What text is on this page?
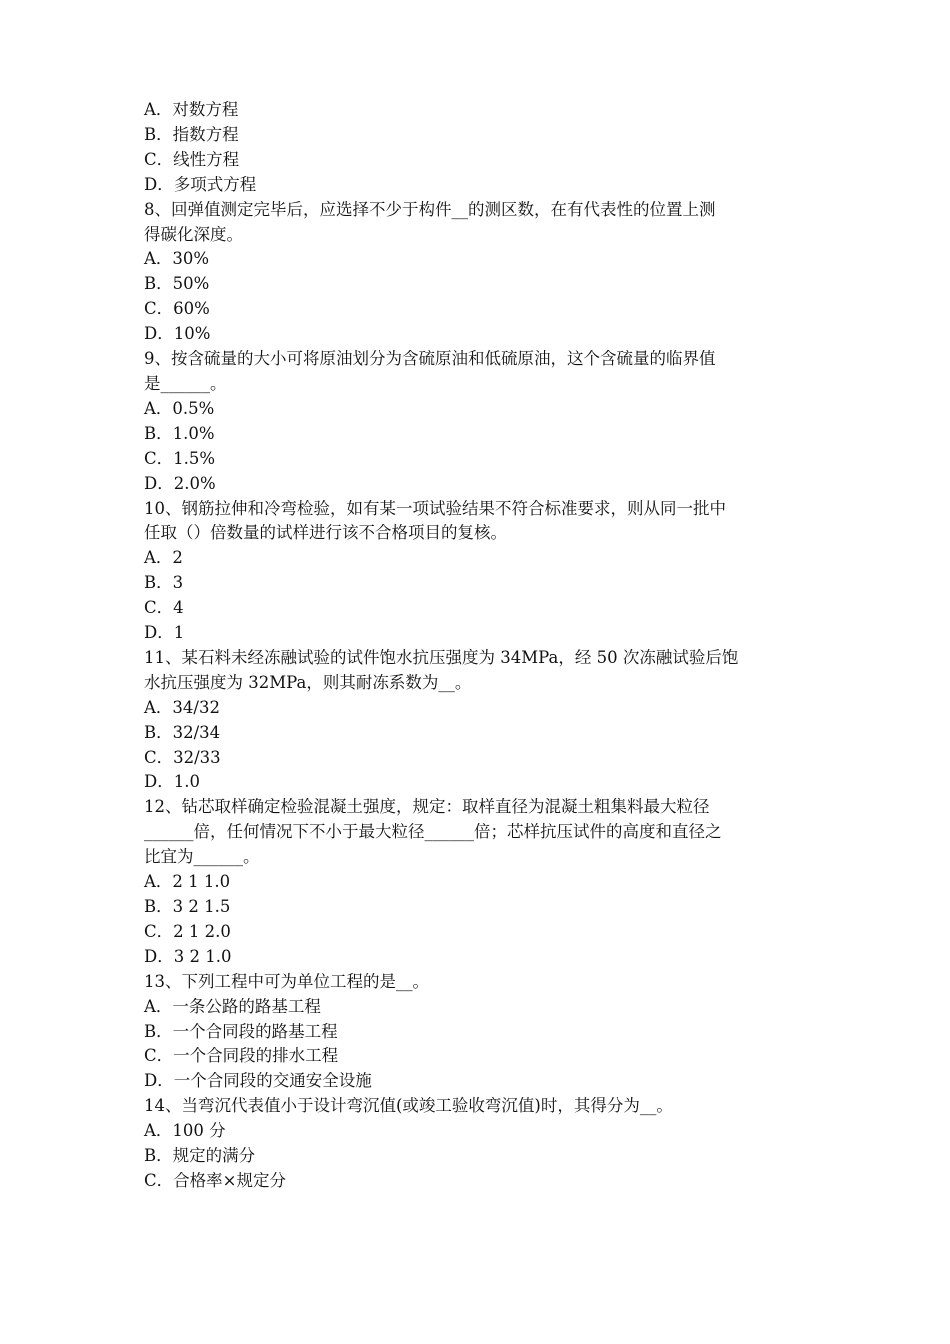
A．对数方程

B．指数方程

C．线性方程

D．多项式方程

8、回弹值测定完毕后，应选择不少于构件__的测区数，在有代表性的位置上测

得碳化深度。

A．30%

B．50%

C．60%

D．10%

9、按含硫量的大小可将原油划分为含硫原油和低硫原油，这个含硫量的临界值

是______。

A．0.5%

B．1.0%

C．1.5%

D．2.0%

10、钢筋拉伸和冷弯检验，如有某一项试验结果不符合标准要求，则从同一批中

任取（）倍数量的试样进行该不合格项目的复核。

A．2

B．3

C．4

D．1

11、某石料未经冻融试验的试件饱水抗压强度为 34MPa，经 50 次冻融试验后饱

水抗压强度为 32MPa，则其耐冻系数为__。

A．34/32

B．32/34

C．32/33

D．1.0

12、钻芯取样确定检验混凝土强度，规定：取样直径为混凝土粗集料最大粒径

______倍，任何情况下不小于最大粒径______倍；芯样抗压试件的高度和直径之

比宜为______。

A．2 1 1.0

B．3 2 1.5

C．2 1 2.0

D．3 2 1.0

13、下列工程中可为单位工程的是__。

A．一条公路的路基工程

B．一个合同段的路基工程

C．一个合同段的排水工程

D．一个合同段的交通安全设施

14、当弯沉代表值小于设计弯沉值(或竣工验收弯沉值)时，其得分为__。

A．100 分

B．规定的满分

C．合格率×规定分
